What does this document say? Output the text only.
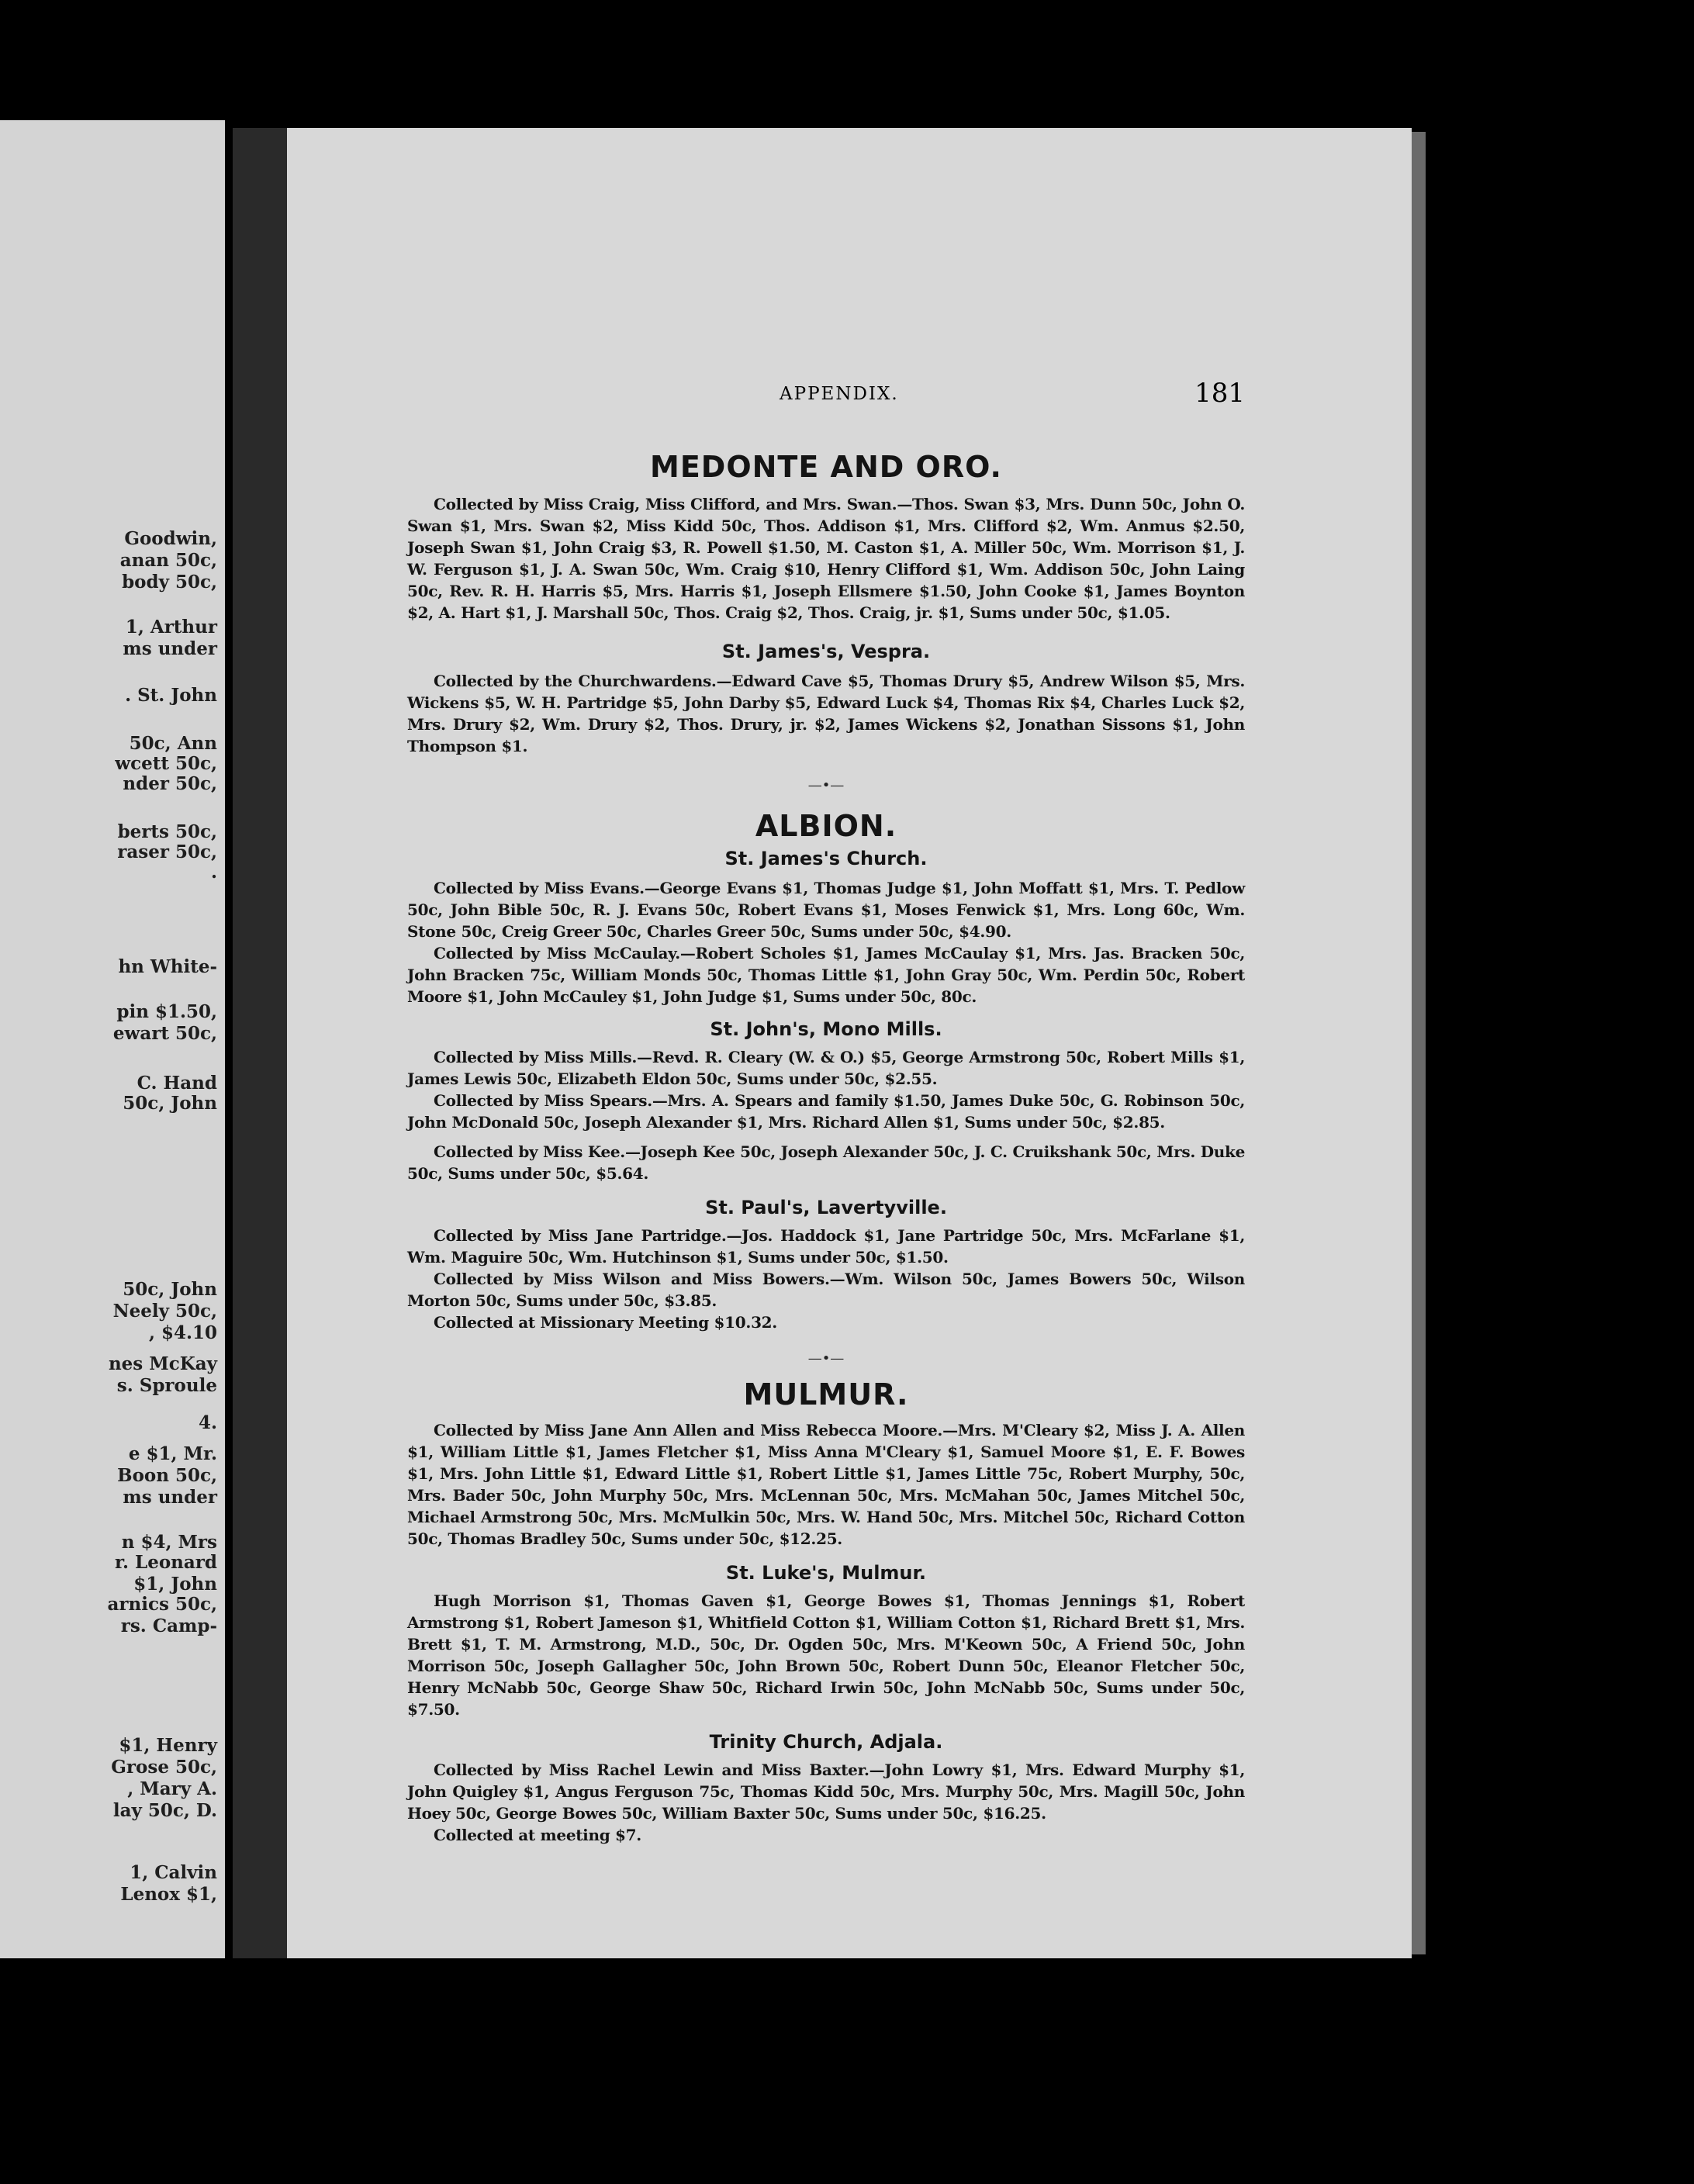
Goodwin,
anan 50c,
body 50c,
1, Arthur
ms under
. St. John
50c, Ann
wcett 50c,
nder 50c,
berts 50c,
raser 50c,
.
hn White-
pin $1.50,
ewart 50c,
C. Hand
50c, John
50c, John
Neely 50c,
, $4.10
nes McKay
s. Sproule
4.
e $1, Mr.
Boon 50c,
ms under
n $4, Mrs
r. Leonard
$1, John
arnics 50c,
rs. Camp-
$1, Henry
Grose 50c,
, Mary A.
lay 50c, D.
1, Calvin
Lenox $1,
APPENDIX.	181
MEDONTE AND ORO.

Collected by Miss Craig, Miss Clifford, and Mrs. Swan.—Thos. Swan $3, Mrs. Dunn 50c, John O. Swan $1, Mrs. Swan $2, Miss Kidd 50c, Thos. Addison $1, Mrs. Clifford $2, Wm. Anmus $2.50, Joseph Swan $1, John Craig $3, R. Powell $1.50, M. Caston $1, A. Miller 50c, Wm. Morrison $1, J. W. Ferguson $1, J. A. Swan 50c, Wm. Craig $10, Henry Clifford $1, Wm. Addison 50c, John Laing 50c, Rev. R. H. Harris $5, Mrs. Harris $1, Joseph Ellsmere $1.50, John Cooke $1, James Boynton $2, A. Hart $1, J. Marshall 50c, Thos. Craig $2, Thos. Craig, jr. $1, Sums under 50c, $1.05.

St. James's, Vespra.

Collected by the Churchwardens.—Edward Cave $5, Thomas Drury $5, Andrew Wilson $5, Mrs. Wickens $5, W. H. Partridge $5, John Darby $5, Edward Luck $4, Thomas Rix $4, Charles Luck $2, Mrs. Drury $2, Wm. Drury $2, Thos. Drury, jr. $2, James Wickens $2, Jonathan Sissons $1, John Thompson $1.

—•—

ALBION.
St. James's Church.

Collected by Miss Evans.—George Evans $1, Thomas Judge $1, John Moffatt $1, Mrs. T. Pedlow 50c, John Bible 50c, R. J. Evans 50c, Robert Evans $1, Moses Fenwick $1, Mrs. Long 60c, Wm. Stone 50c, Creig Greer 50c, Charles Greer 50c, Sums under 50c, $4.90.

Collected by Miss McCaulay.—Robert Scholes $1, James McCaulay $1, Mrs. Jas. Bracken 50c, John Bracken 75c, William Monds 50c, Thomas Little $1, John Gray 50c, Wm. Perdin 50c, Robert Moore $1, John McCauley $1, John Judge $1, Sums under 50c, 80c.

St. John's, Mono Mills.

Collected by Miss Mills.—Revd. R. Cleary (W. & O.) $5, George Armstrong 50c, Robert Mills $1, James Lewis 50c, Elizabeth Eldon 50c, Sums under 50c, $2.55.

Collected by Miss Spears.—Mrs. A. Spears and family $1.50, James Duke 50c, G. Robinson 50c, John McDonald 50c, Joseph Alexander $1, Mrs. Richard Allen $1, Sums under 50c, $2.85.

Collected by Miss Kee.—Joseph Kee 50c, Joseph Alexander 50c, J. C. Cruikshank 50c, Mrs. Duke 50c, Sums under 50c, $5.64.

St. Paul's, Lavertyville.

Collected by Miss Jane Partridge.—Jos. Haddock $1, Jane Partridge 50c, Mrs. McFarlane $1, Wm. Maguire 50c, Wm. Hutchinson $1, Sums under 50c, $1.50.

Collected by Miss Wilson and Miss Bowers.—Wm. Wilson 50c, James Bowers 50c, Wilson Morton 50c, Sums under 50c, $3.85.

Collected at Missionary Meeting $10.32.

—•—

MULMUR.

Collected by Miss Jane Ann Allen and Miss Rebecca Moore.—Mrs. M'Cleary $2, Miss J. A. Allen $1, William Little $1, James Fletcher $1, Miss Anna M'Cleary $1, Samuel Moore $1, E. F. Bowes $1, Mrs. John Little $1, Edward Little $1, Robert Little $1, James Little 75c, Robert Murphy, 50c, Mrs. Bader 50c, John Murphy 50c, Mrs. McLennan 50c, Mrs. McMahan 50c, James Mitchel 50c, Michael Armstrong 50c, Mrs. McMulkin 50c, Mrs. W. Hand 50c, Mrs. Mitchel 50c, Richard Cotton 50c, Thomas Bradley 50c, Sums under 50c, $12.25.

St. Luke's, Mulmur.

Hugh Morrison $1, Thomas Gaven $1, George Bowes $1, Thomas Jennings $1, Robert Armstrong $1, Robert Jameson $1, Whitfield Cotton $1, William Cotton $1, Richard Brett $1, Mrs. Brett $1, T. M. Armstrong, M.D., 50c, Dr. Ogden 50c, Mrs. M'Keown 50c, A Friend 50c, John Morrison 50c, Joseph Gallagher 50c, John Brown 50c, Robert Dunn 50c, Eleanor Fletcher 50c, Henry McNabb 50c, George Shaw 50c, Richard Irwin 50c, John McNabb 50c, Sums under 50c, $7.50.

Trinity Church, Adjala.

Collected by Miss Rachel Lewin and Miss Baxter.—John Lowry $1, Mrs. Edward Murphy $1, John Quigley $1, Angus Ferguson 75c, Thomas Kidd 50c, Mrs. Murphy 50c, Mrs. Magill 50c, John Hoey 50c, George Bowes 50c, William Baxter 50c, Sums under 50c, $16.25.

Collected at meeting $7.
